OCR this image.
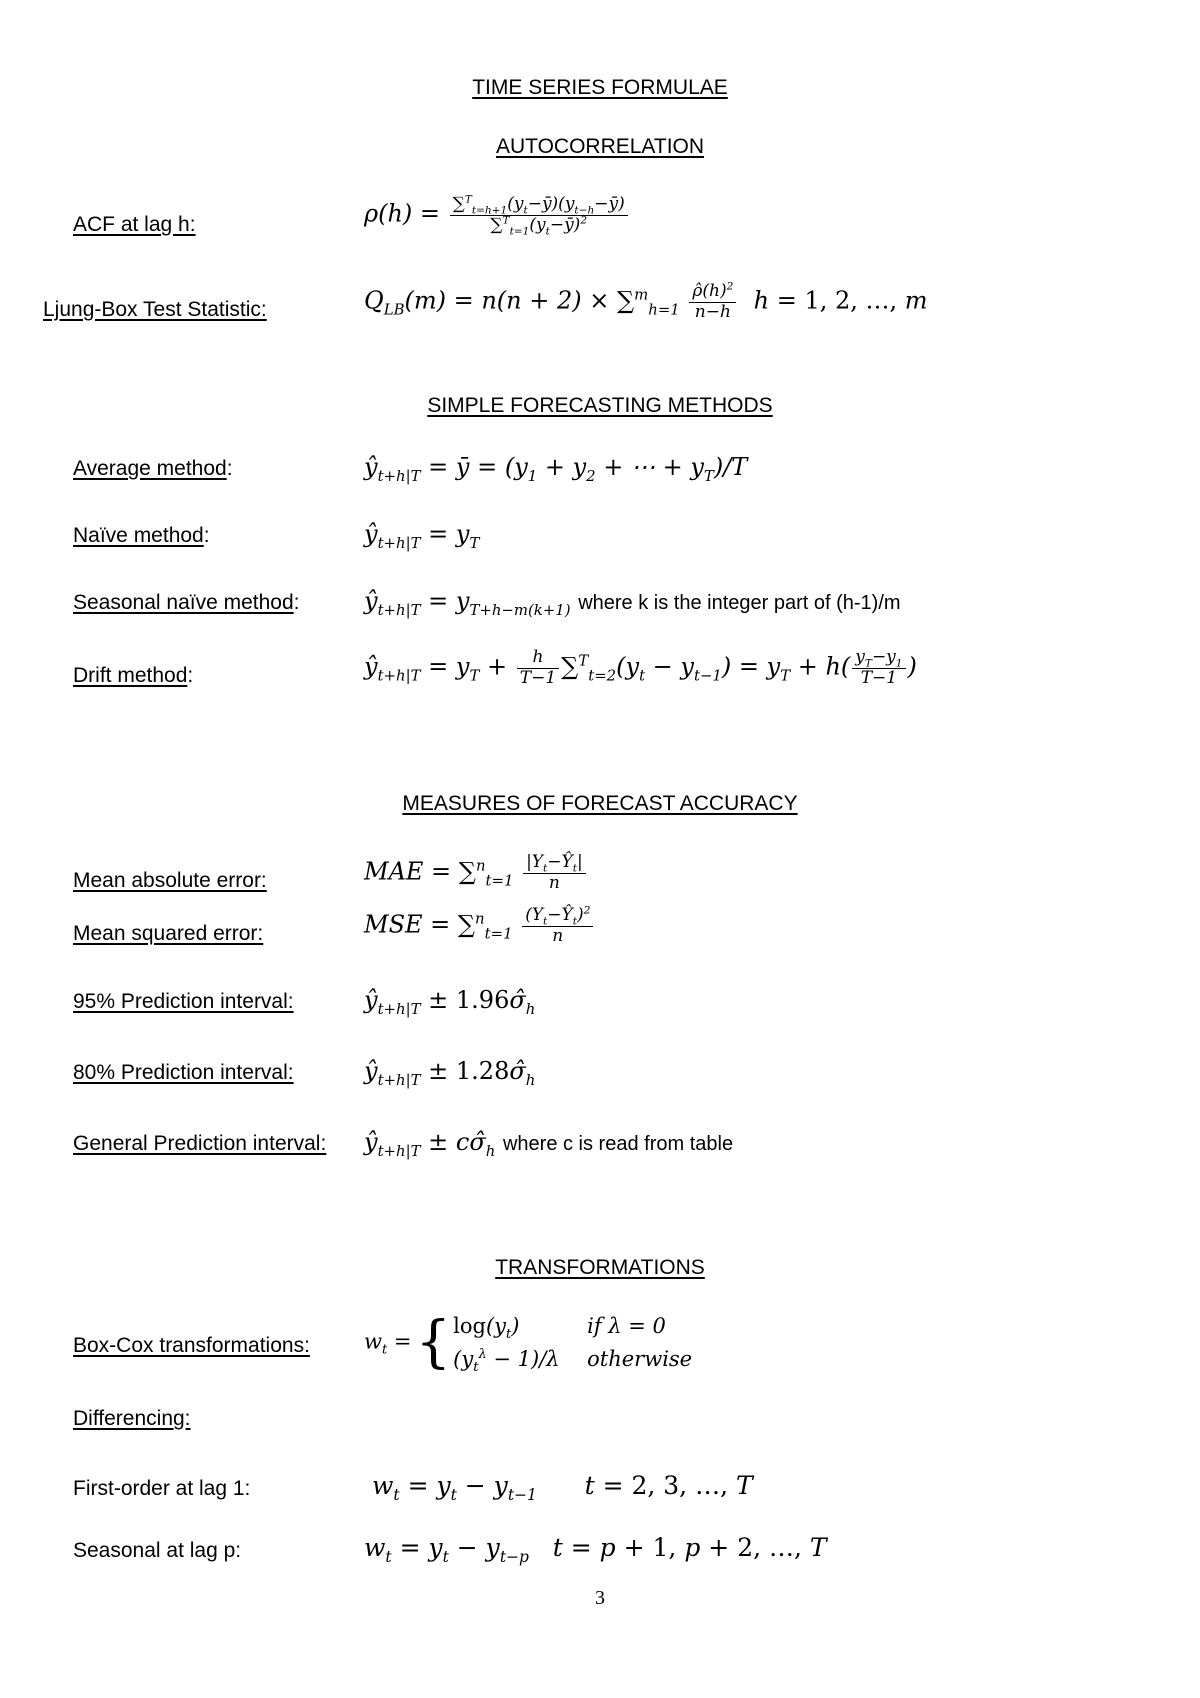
TIME SERIES FORMULAE
AUTOCORRELATION
ACF at lag h:	$\rho(h) = \frac{\sum^T_{t=h+1}(y_t-ȳ)(y_{t-h}-ȳ)}{\sum^T_{t=1}(y_t-ȳ)^2}$
Ljung-Box Test Statistic:	$Q_{LB}(m) = n(n + 2) \times \sum^m_{h=1} \frac{\rhô(h)^2}{n-h}$ h = 1, 2, …, m
SIMPLE FORECASTING METHODS
Average method:	$ŷ_{t+h|T}$ = ȳ = ($y_1 + y_2$ + ⋯ + $y_T)/T$
Naïve method:	$ŷ_{t+h|T} = y_T$
Seasonal naïve method:	$ŷ_{t+h|T} = y_{T+h-m(k+1)}$ where k is the integer part of (h-1)/m
Drift method:	$ŷ_{t+h|T} = y_T + \frac{h}{T-1} \sum^T_{t=2}(y_t - y_{t-1}) = y_T + h( \frac{y_T-y_1}{T-1}$ )
MEASURES OF FORECAST ACCURACY
Mean absolute error:	MAE = $\sum^n_{t=1} \frac{|Y_t-Ŷ_t|}{n}$
Mean squared error:	MSE = $\sum^n_{t=1} \frac{(Y_t-Ŷ_t)^2}{n}$
95% Prediction interval:	$ŷ_{t+h|T}$ ± $1.96\sigmâ_h$
80% Prediction interval:	$ŷ_{t+h|T}$ ± $1.28\sigmâ_h$
General Prediction interval: $ŷ_{t+h|T}$ ± $c\sigmâ_h$ where c is read from table
TRANSFORMATIONS
Box-Cox transformations:	$w_t$ ={ $\log(y_t)$	if λ = 0
$(y_t^\lambda - 1)/\lambda$ otherwise
Differencing:
First-order at lag 1:	$w_t = y_t - y_{t-1}$      t = 2, 3, …, T
Seasonal at lag p:	$w_t = y_t - y_{t-p}$   t = p + 1, p + 2, …, T
3
